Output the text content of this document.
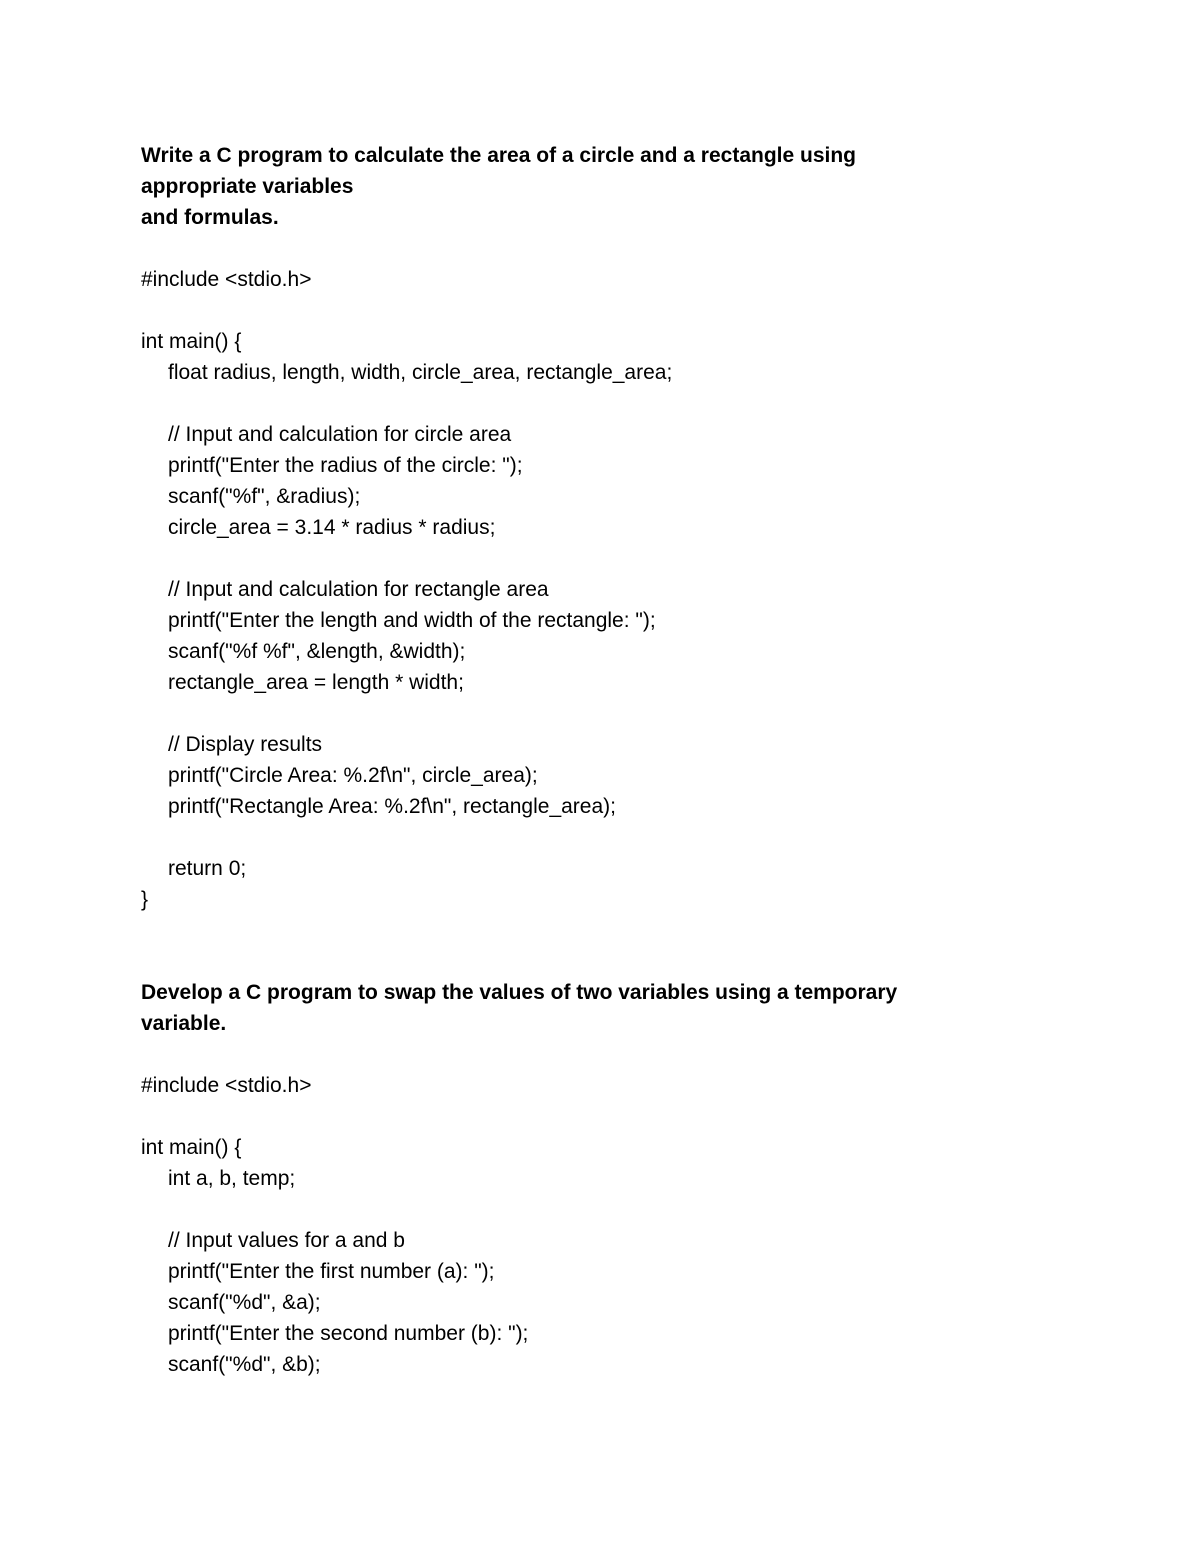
Write a C program to calculate the area of a circle and a rectangle using
appropriate variables
and formulas.
#include <stdio.h>
int main() {
float radius, length, width, circle_area, rectangle_area;
// Input and calculation for circle area
printf("Enter the radius of the circle: ");
scanf("%f", &radius);
circle_area = 3.14 * radius * radius;
// Input and calculation for rectangle area
printf("Enter the length and width of the rectangle: ");
scanf("%f %f", &length, &width);
rectangle_area = length * width;
// Display results
printf("Circle Area: %.2f\n", circle_area);
printf("Rectangle Area: %.2f\n", rectangle_area);
return 0;
}
Develop a C program to swap the values of two variables using a temporary
variable.
#include <stdio.h>
int main() {
int a, b, temp;
// Input values for a and b
printf("Enter the first number (a): ");
scanf("%d", &a);
printf("Enter the second number (b): ");
scanf("%d", &b);
